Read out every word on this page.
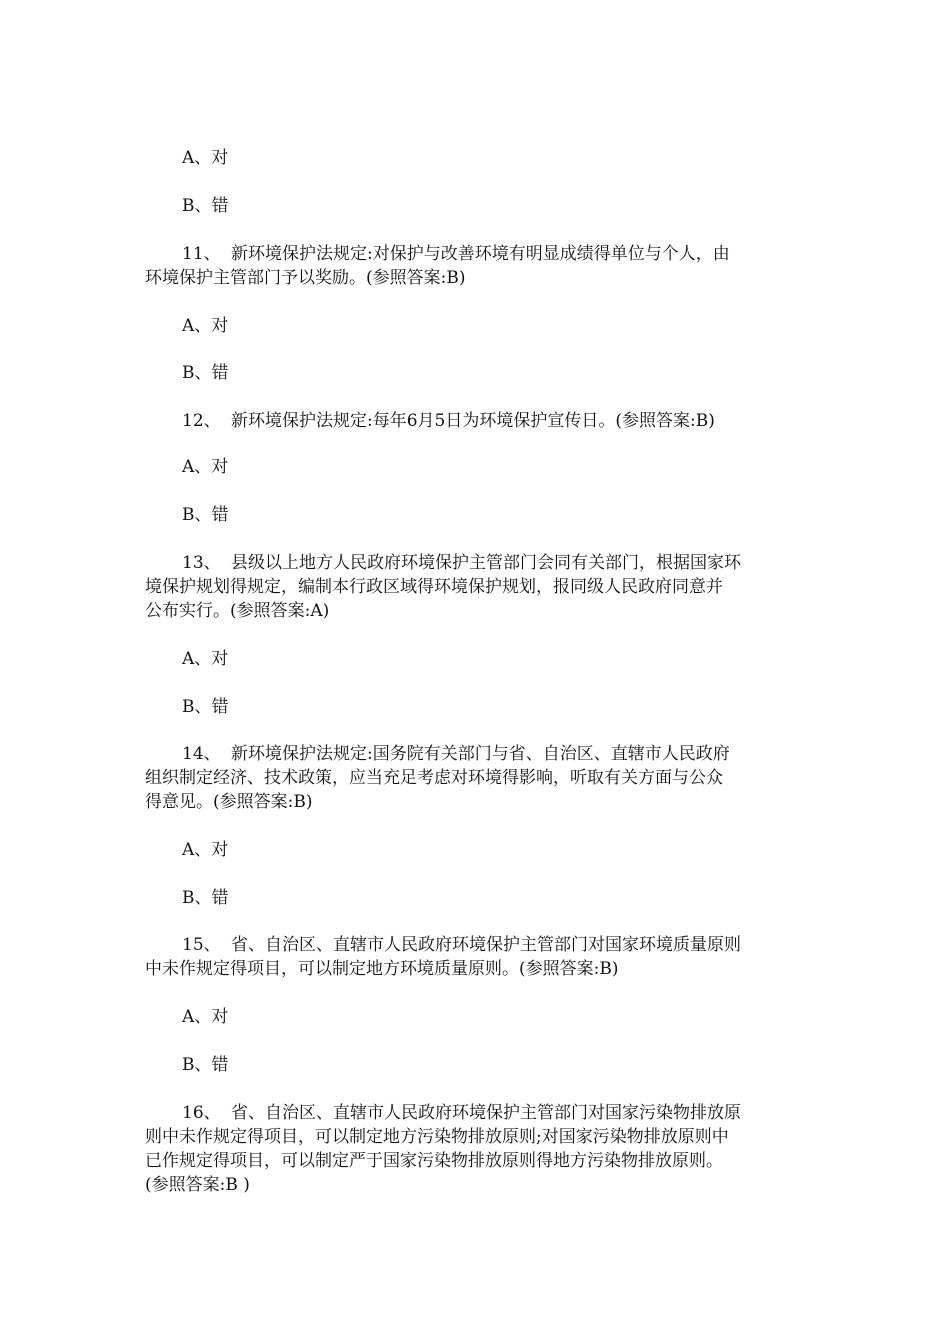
A、对
B、错
11、 新环境保护法规定:对保护与改善环境有明显成绩得单位与个人，由
环境保护主管部门予以奖励。(参照答案:B)
A、对
B、错
12、 新环境保护法规定:每年6月5日为环境保护宣传日。(参照答案:B)
A、对
B、错
13、 县级以上地方人民政府环境保护主管部门会同有关部门，根据国家环
境保护规划得规定，编制本行政区域得环境保护规划，报同级人民政府同意并
公布实行。(参照答案:A)
A、对
B、错
14、 新环境保护法规定:国务院有关部门与省、自治区、直辖市人民政府
组织制定经济、技术政策，应当充足考虑对环境得影响，听取有关方面与公众
得意见。(参照答案:B)
A、对
B、错
15、 省、自治区、直辖市人民政府环境保护主管部门对国家环境质量原则
中未作规定得项目，可以制定地方环境质量原则。(参照答案:B)
A、对
B、错
16、 省、自治区、直辖市人民政府环境保护主管部门对国家污染物排放原
则中未作规定得项目，可以制定地方污染物排放原则;对国家污染物排放原则中
已作规定得项目，可以制定严于国家污染物排放原则得地方污染物排放原则。
(参照答案:B )
